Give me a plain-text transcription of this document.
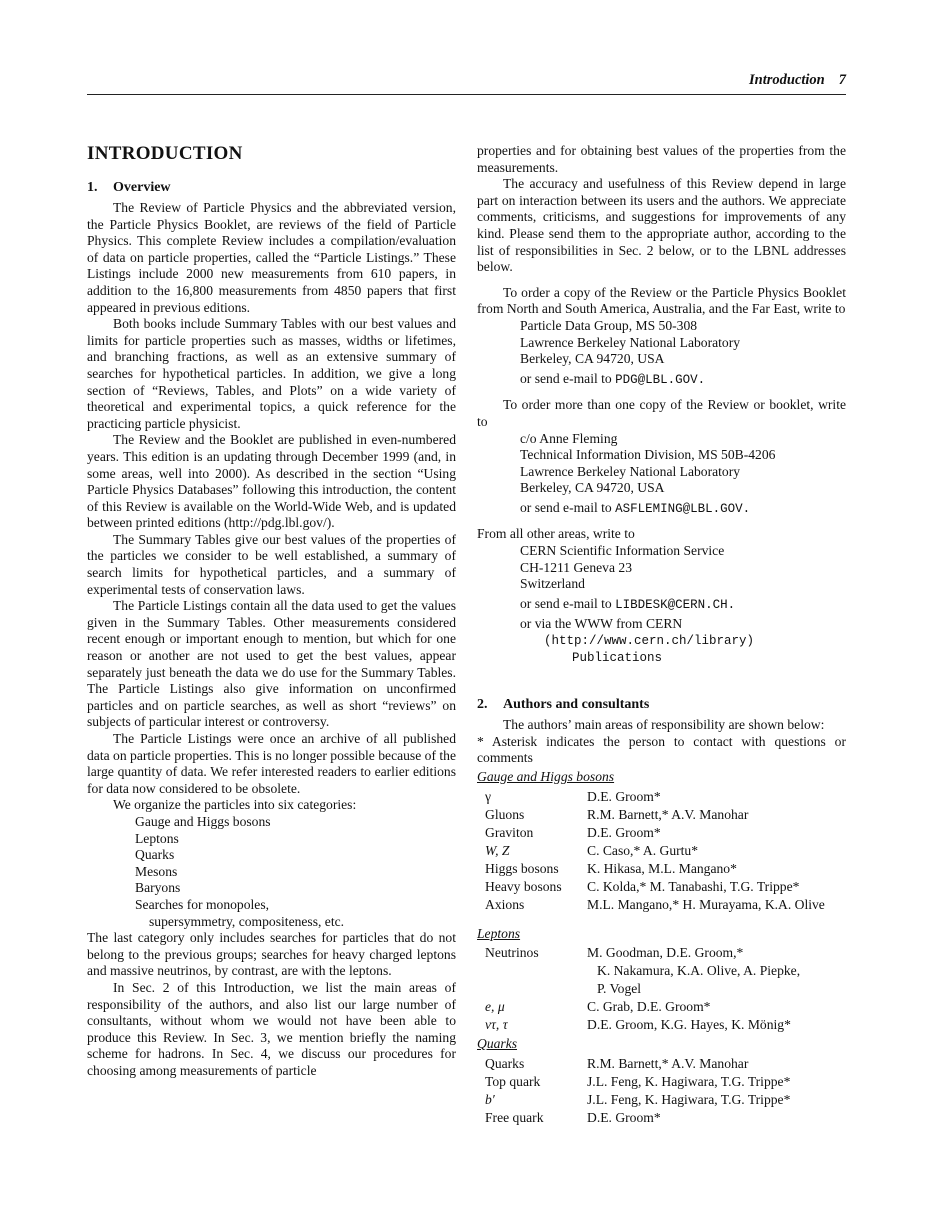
Introduction 7
INTRODUCTION
1. Overview

The Review of Particle Physics and the abbreviated version, the Particle Physics Booklet, are reviews of the field of Particle Physics. This complete Review includes a compilation/evaluation of data on particle properties, called the “Particle Listings.” These Listings include 2000 new measurements from 610 papers, in addition to the 16,800 measurements from 4850 papers that first appeared in previous editions.

Both books include Summary Tables with our best values and limits for particle properties such as masses, widths or lifetimes, and branching fractions, as well as an extensive summary of searches for hypothetical particles. In addition, we give a long section of “Reviews, Tables, and Plots” on a wide variety of theoretical and experimental topics, a quick reference for the practicing particle physicist.

The Review and the Booklet are published in even-numbered years. This edition is an updating through December 1999 (and, in some areas, well into 2000). As described in the section “Using Particle Physics Databases” following this introduction, the content of this Review is available on the World-Wide Web, and is updated between printed editions (http://pdg.lbl.gov/).

The Summary Tables give our best values of the properties of the particles we consider to be well established, a summary of search limits for hypothetical particles, and a summary of experimental tests of conservation laws.

The Particle Listings contain all the data used to get the values given in the Summary Tables. Other measurements considered recent enough or important enough to mention, but which for one reason or another are not used to get the best values, appear separately just beneath the data we do use for the Summary Tables. The Particle Listings also give information on unconfirmed particles and on particle searches, as well as short “reviews” on subjects of particular interest or controversy.

The Particle Listings were once an archive of all published data on particle properties. This is no longer possible because of the large quantity of data. We refer interested readers to earlier editions for data now considered to be obsolete.

We organize the particles into six categories:

Gauge and Higgs bosons
Leptons
Quarks
Mesons
Baryons
Searches for monopoles,
supersymmetry, compositeness, etc.

The last category only includes searches for particles that do not belong to the previous groups; searches for heavy charged leptons and massive neutrinos, by contrast, are with the leptons.

In Sec. 2 of this Introduction, we list the main areas of responsibility of the authors, and also list our large number of consultants, without whom we would not have been able to produce this Review. In Sec. 3, we mention briefly the naming scheme for hadrons. In Sec. 4, we discuss our procedures for choosing among measurements of particle

properties and for obtaining best values of the properties from the measurements.

The accuracy and usefulness of this Review depend in large part on interaction between its users and the authors. We appreciate comments, criticisms, and suggestions for improvements of any kind. Please send them to the appropriate author, according to the list of responsibilities in Sec. 2 below, or to the LBNL addresses below.

To order a copy of the Review or the Particle Physics Booklet from North and South America, Australia, and the Far East, write to

Particle Data Group, MS 50-308
Lawrence Berkeley National Laboratory
Berkeley, CA 94720, USA
or send e-mail to PDG@LBL.GOV.

To order more than one copy of the Review or booklet, write to

c/o Anne Fleming
Technical Information Division, MS 50B-4206
Lawrence Berkeley National Laboratory
Berkeley, CA 94720, USA
or send e-mail to ASFLEMING@LBL.GOV.

From all other areas, write to

CERN Scientific Information Service
CH-1211 Geneva 23
Switzerland
or send e-mail to LIBDESK@CERN.CH.
or via the WWW from CERN
(http://www.cern.ch/library)
Publications
2. Authors and consultants

The authors’ main areas of responsibility are shown below:

* Asterisk indicates the person to contact with questions or comments

Gauge and Higgs bosons
γ	D.E. Groom*
Gluons	R.M. Barnett,* A.V. Manohar
Graviton	D.E. Groom*
W, Z	C. Caso,* A. Gurtu*
Higgs bosons	K. Hikasa, M.L. Mangano*
Heavy bosons	C. Kolda,* M. Tanabashi, T.G. Trippe*
Axions	M.L. Mangano,* H. Murayama, K.A. Olive
Leptons
Neutrinos	M. Goodman, D.E. Groom,*
K. Nakamura, K.A. Olive, A. Piepke,
P. Vogel

e, μ	C. Grab, D.E. Groom*
ντ, τ	D.E. Groom, K.G. Hayes, K. Mönig*
Quarks
Quarks	R.M. Barnett,* A.V. Manohar
Top quark	J.L. Feng, K. Hagiwara, T.G. Trippe*
b′	J.L. Feng, K. Hagiwara, T.G. Trippe*
Free quark	D.E. Groom*
